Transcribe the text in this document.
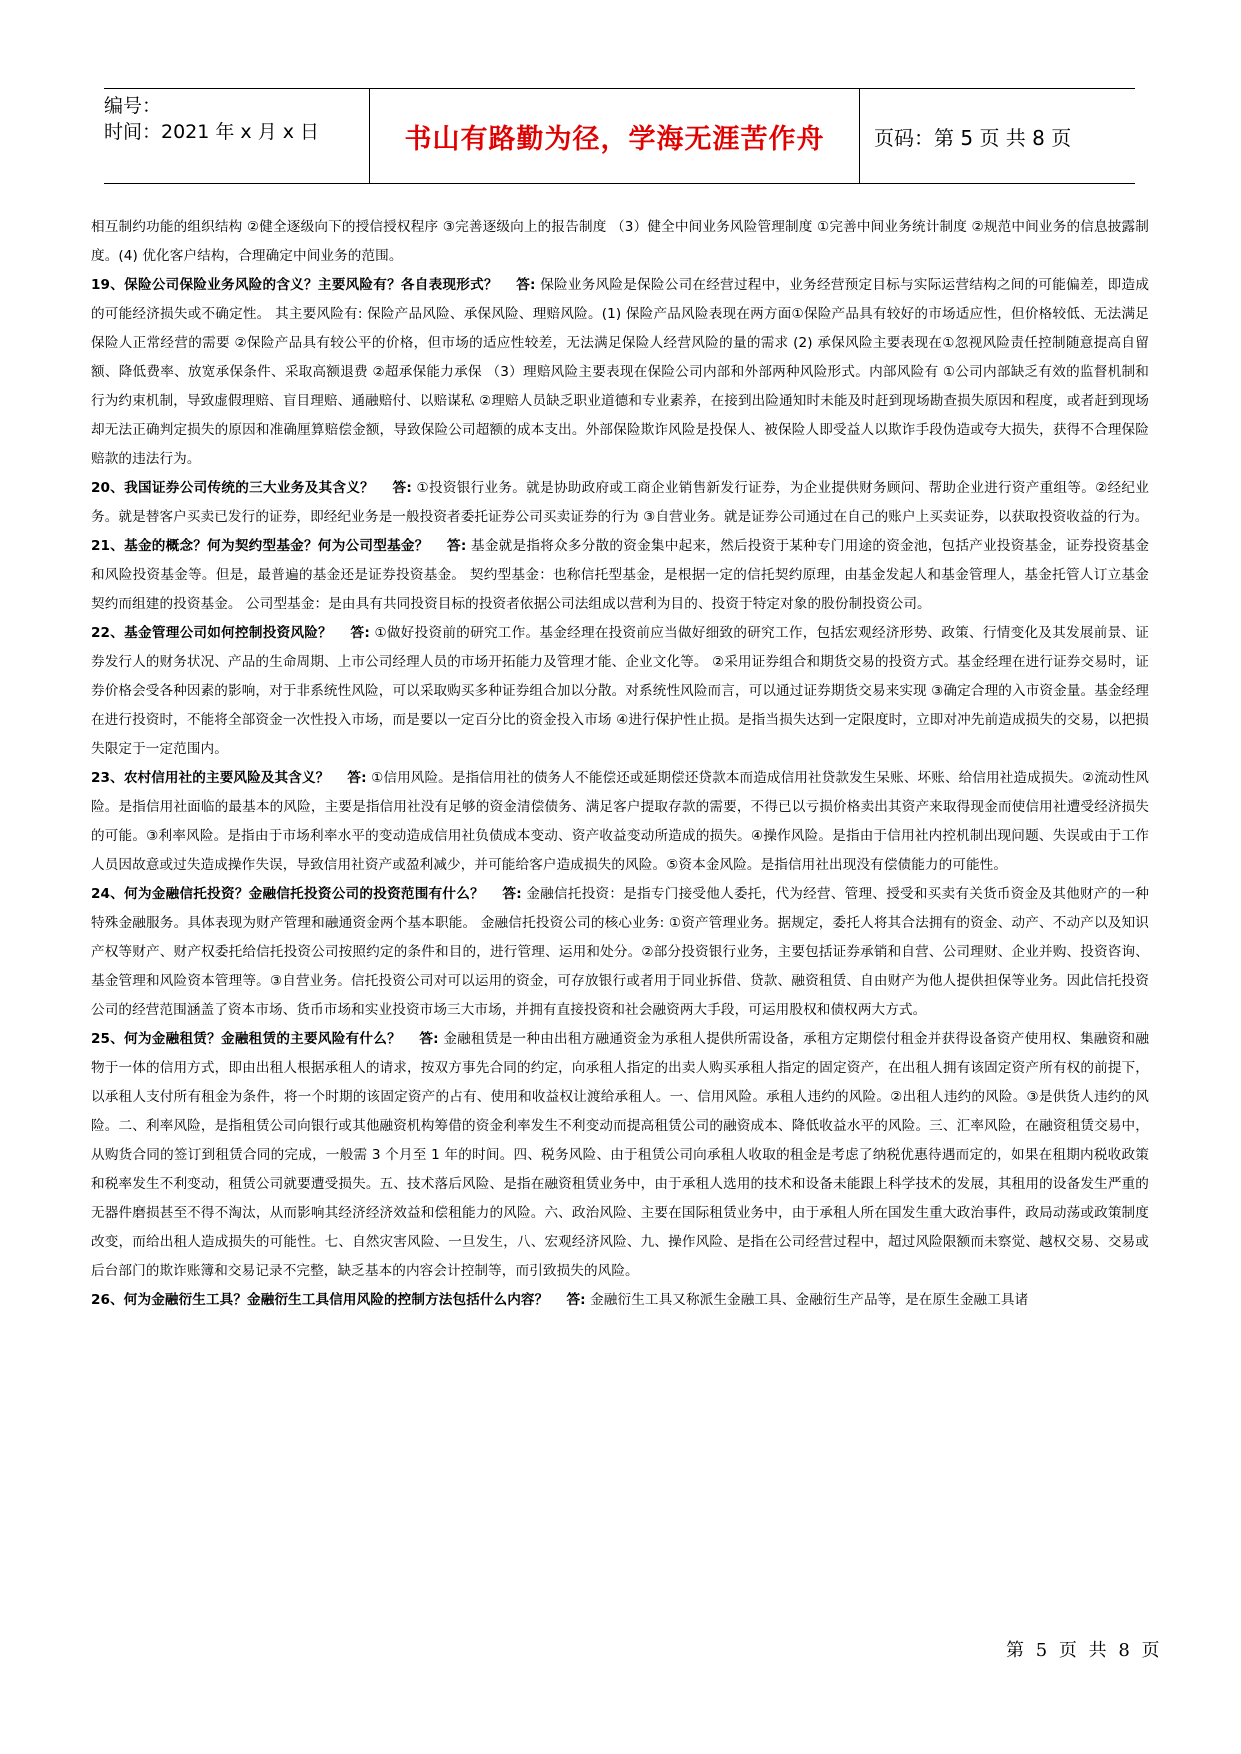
编号：
时间：2021 年 x 月 x 日	书山有路勤为径，学海无涯苦作舟 页码：第 5 页 共 8 页

相互制约功能的组织结构 ②健全逐级向下的授信授权程序 ③完善逐级向上的报告制度 （3）健全中间业务风险管理制度 ①完善中间业务统计制度 ②规范中间业务的信息披露制度。(4) 优化客户结构，合理确定中间业务的范围。

19、保险公司保险业务风险的含义？主要风险有？各自表现形式？　 答: 保险业务风险是保险公司在经营过程中，业务经营预定目标与实际运营结构之间的可能偏差，即造成的可能经济损失或不确定性。 其主要风险有: 保险产品风险、承保风险、理赔风险。(1) 保险产品风险表现在两方面①保险产品具有较好的市场适应性，但价格较低、无法满足保险人正常经营的需要 ②保险产品具有较公平的价格，但市场的适应性较差，无法满足保险人经营风险的量的需求 (2) 承保风险主要表现在①忽视风险责任控制随意提高自留额、降低费率、放宽承保条件、采取高额退费 ②超承保能力承保 （3）理赔风险主要表现在保险公司内部和外部两种风险形式。内部风险有 ①公司内部缺乏有效的监督机制和行为约束机制，导致虚假理赔、盲目理赔、通融赔付、以赔谋私 ②理赔人员缺乏职业道德和专业素养，在接到出险通知时未能及时赶到现场勘查损失原因和程度，或者赶到现场却无法正确判定损失的原因和准确厘算赔偿金额，导致保险公司超额的成本支出。外部保险欺诈风险是投保人、被保险人即受益人以欺诈手段伪造或夸大损失，获得不合理保险赔款的违法行为。

20、我国证券公司传统的三大业务及其含义？　 答: ①投资银行业务。就是协助政府或工商企业销售新发行证券，为企业提供财务顾问、帮助企业进行资产重组等。②经纪业务。就是替客户买卖已发行的证券，即经纪业务是一般投资者委托证券公司买卖证券的行为 ③自营业务。就是证券公司通过在自己的账户上买卖证券，以获取投资收益的行为。

21、基金的概念？何为契约型基金？何为公司型基金？　 答: 基金就是指将众多分散的资金集中起来，然后投资于某种专门用途的资金池，包括产业投资基金，证券投资基金和风险投资基金等。但是，最普遍的基金还是证券投资基金。 契约型基金：也称信托型基金，是根据一定的信托契约原理，由基金发起人和基金管理人，基金托管人订立基金契约而组建的投资基金。 公司型基金：是由具有共同投资目标的投资者依据公司法组成以营利为目的、投资于特定对象的股份制投资公司。

22、基金管理公司如何控制投资风险？　 答: ①做好投资前的研究工作。基金经理在投资前应当做好细致的研究工作，包括宏观经济形势、政策、行情变化及其发展前景、证券发行人的财务状况、产品的生命周期、上市公司经理人员的市场开拓能力及管理才能、企业文化等。 ②采用证券组合和期货交易的投资方式。基金经理在进行证券交易时，证券价格会受各种因素的影响，对于非系统性风险，可以采取购买多种证券组合加以分散。对系统性风险而言，可以通过证券期货交易来实现 ③确定合理的入市资金量。基金经理在进行投资时，不能将全部资金一次性投入市场，而是要以一定百分比的资金投入市场 ④进行保护性止损。是指当损失达到一定限度时，立即对冲先前造成损失的交易，以把损失限定于一定范围内。

23、农村信用社的主要风险及其含义？　 答: ①信用风险。是指信用社的债务人不能偿还或延期偿还贷款本而造成信用社贷款发生呆账、坏账、给信用社造成损失。②流动性风险。是指信用社面临的最基本的风险，主要是指信用社没有足够的资金清偿债务、满足客户提取存款的需要，不得已以亏损价格卖出其资产来取得现金而使信用社遭受经济损失的可能。③利率风险。是指由于市场利率水平的变动造成信用社负债成本变动、资产收益变动所造成的损失。④操作风险。是指由于信用社内控机制出现问题、失误或由于工作人员因故意或过失造成操作失误，导致信用社资产或盈利减少，并可能给客户造成损失的风险。⑤资本金风险。是指信用社出现没有偿债能力的可能性。

24、何为金融信托投资？金融信托投资公司的投资范围有什么？　 答: 金融信托投资：是指专门接受他人委托，代为经营、管理、授受和买卖有关货币资金及其他财产的一种特殊金融服务。具体表现为财产管理和融通资金两个基本职能。 金融信托投资公司的核心业务: ①资产管理业务。据规定，委托人将其合法拥有的资金、动产、不动产以及知识产权等财产、财产权委托给信托投资公司按照约定的条件和目的，进行管理、运用和处分。②部分投资银行业务，主要包括证券承销和自营、公司理财、企业并购、投资咨询、基金管理和风险资本管理等。③自营业务。信托投资公司对可以运用的资金，可存放银行或者用于同业拆借、贷款、融资租赁、自由财产为他人提供担保等业务。因此信托投资公司的经营范围涵盖了资本市场、货币市场和实业投资市场三大市场，并拥有直接投资和社会融资两大手段，可运用股权和债权两大方式。

25、何为金融租赁？金融租赁的主要风险有什么？　 答: 金融租赁是一种由出租方融通资金为承租人提供所需设备，承租方定期偿付租金并获得设备资产使用权、集融资和融物于一体的信用方式，即由出租人根据承租人的请求，按双方事先合同的约定，向承租人指定的出卖人购买承租人指定的固定资产，在出租人拥有该固定资产所有权的前提下，以承租人支付所有租金为条件，将一个时期的该固定资产的占有、使用和收益权让渡给承租人。一、信用风险。承租人违约的风险。②出租人违约的风险。③是供货人违约的风险。二、利率风险，是指租赁公司向银行或其他融资机构筹借的资金利率发生不利变动而提高租赁公司的融资成本、降低收益水平的风险。三、汇率风险，在融资租赁交易中，从购货合同的签订到租赁合同的完成，一般需 3 个月至 1 年的时间。四、税务风险、由于租赁公司向承租人收取的租金是考虑了纳税优惠待遇而定的，如果在租期内税收政策和税率发生不利变动，租赁公司就要遭受损失。五、技术落后风险、是指在融资租赁业务中，由于承租人选用的技术和设备未能跟上科学技术的发展，其租用的设备发生严重的无器件磨损甚至不得不淘汰，从而影响其经济经济效益和偿租能力的风险。六、政治风险、主要在国际租赁业务中，由于承租人所在国发生重大政治事件，政局动荡或政策制度改变，而给出租人造成损失的可能性。七、自然灾害风险、一旦发生，八、宏观经济风险、九、操作风险、是指在公司经营过程中，超过风险限额而未察觉、越权交易、交易或后台部门的欺诈账簿和交易记录不完整，缺乏基本的内容会计控制等，而引致损失的风险。

26、何为金融衍生工具？金融衍生工具信用风险的控制方法包括什么内容？　 答: 金融衍生工具又称派生金融工具、金融衍生产品等，是在原生金融工具诸

第 5 页 共 8 页
